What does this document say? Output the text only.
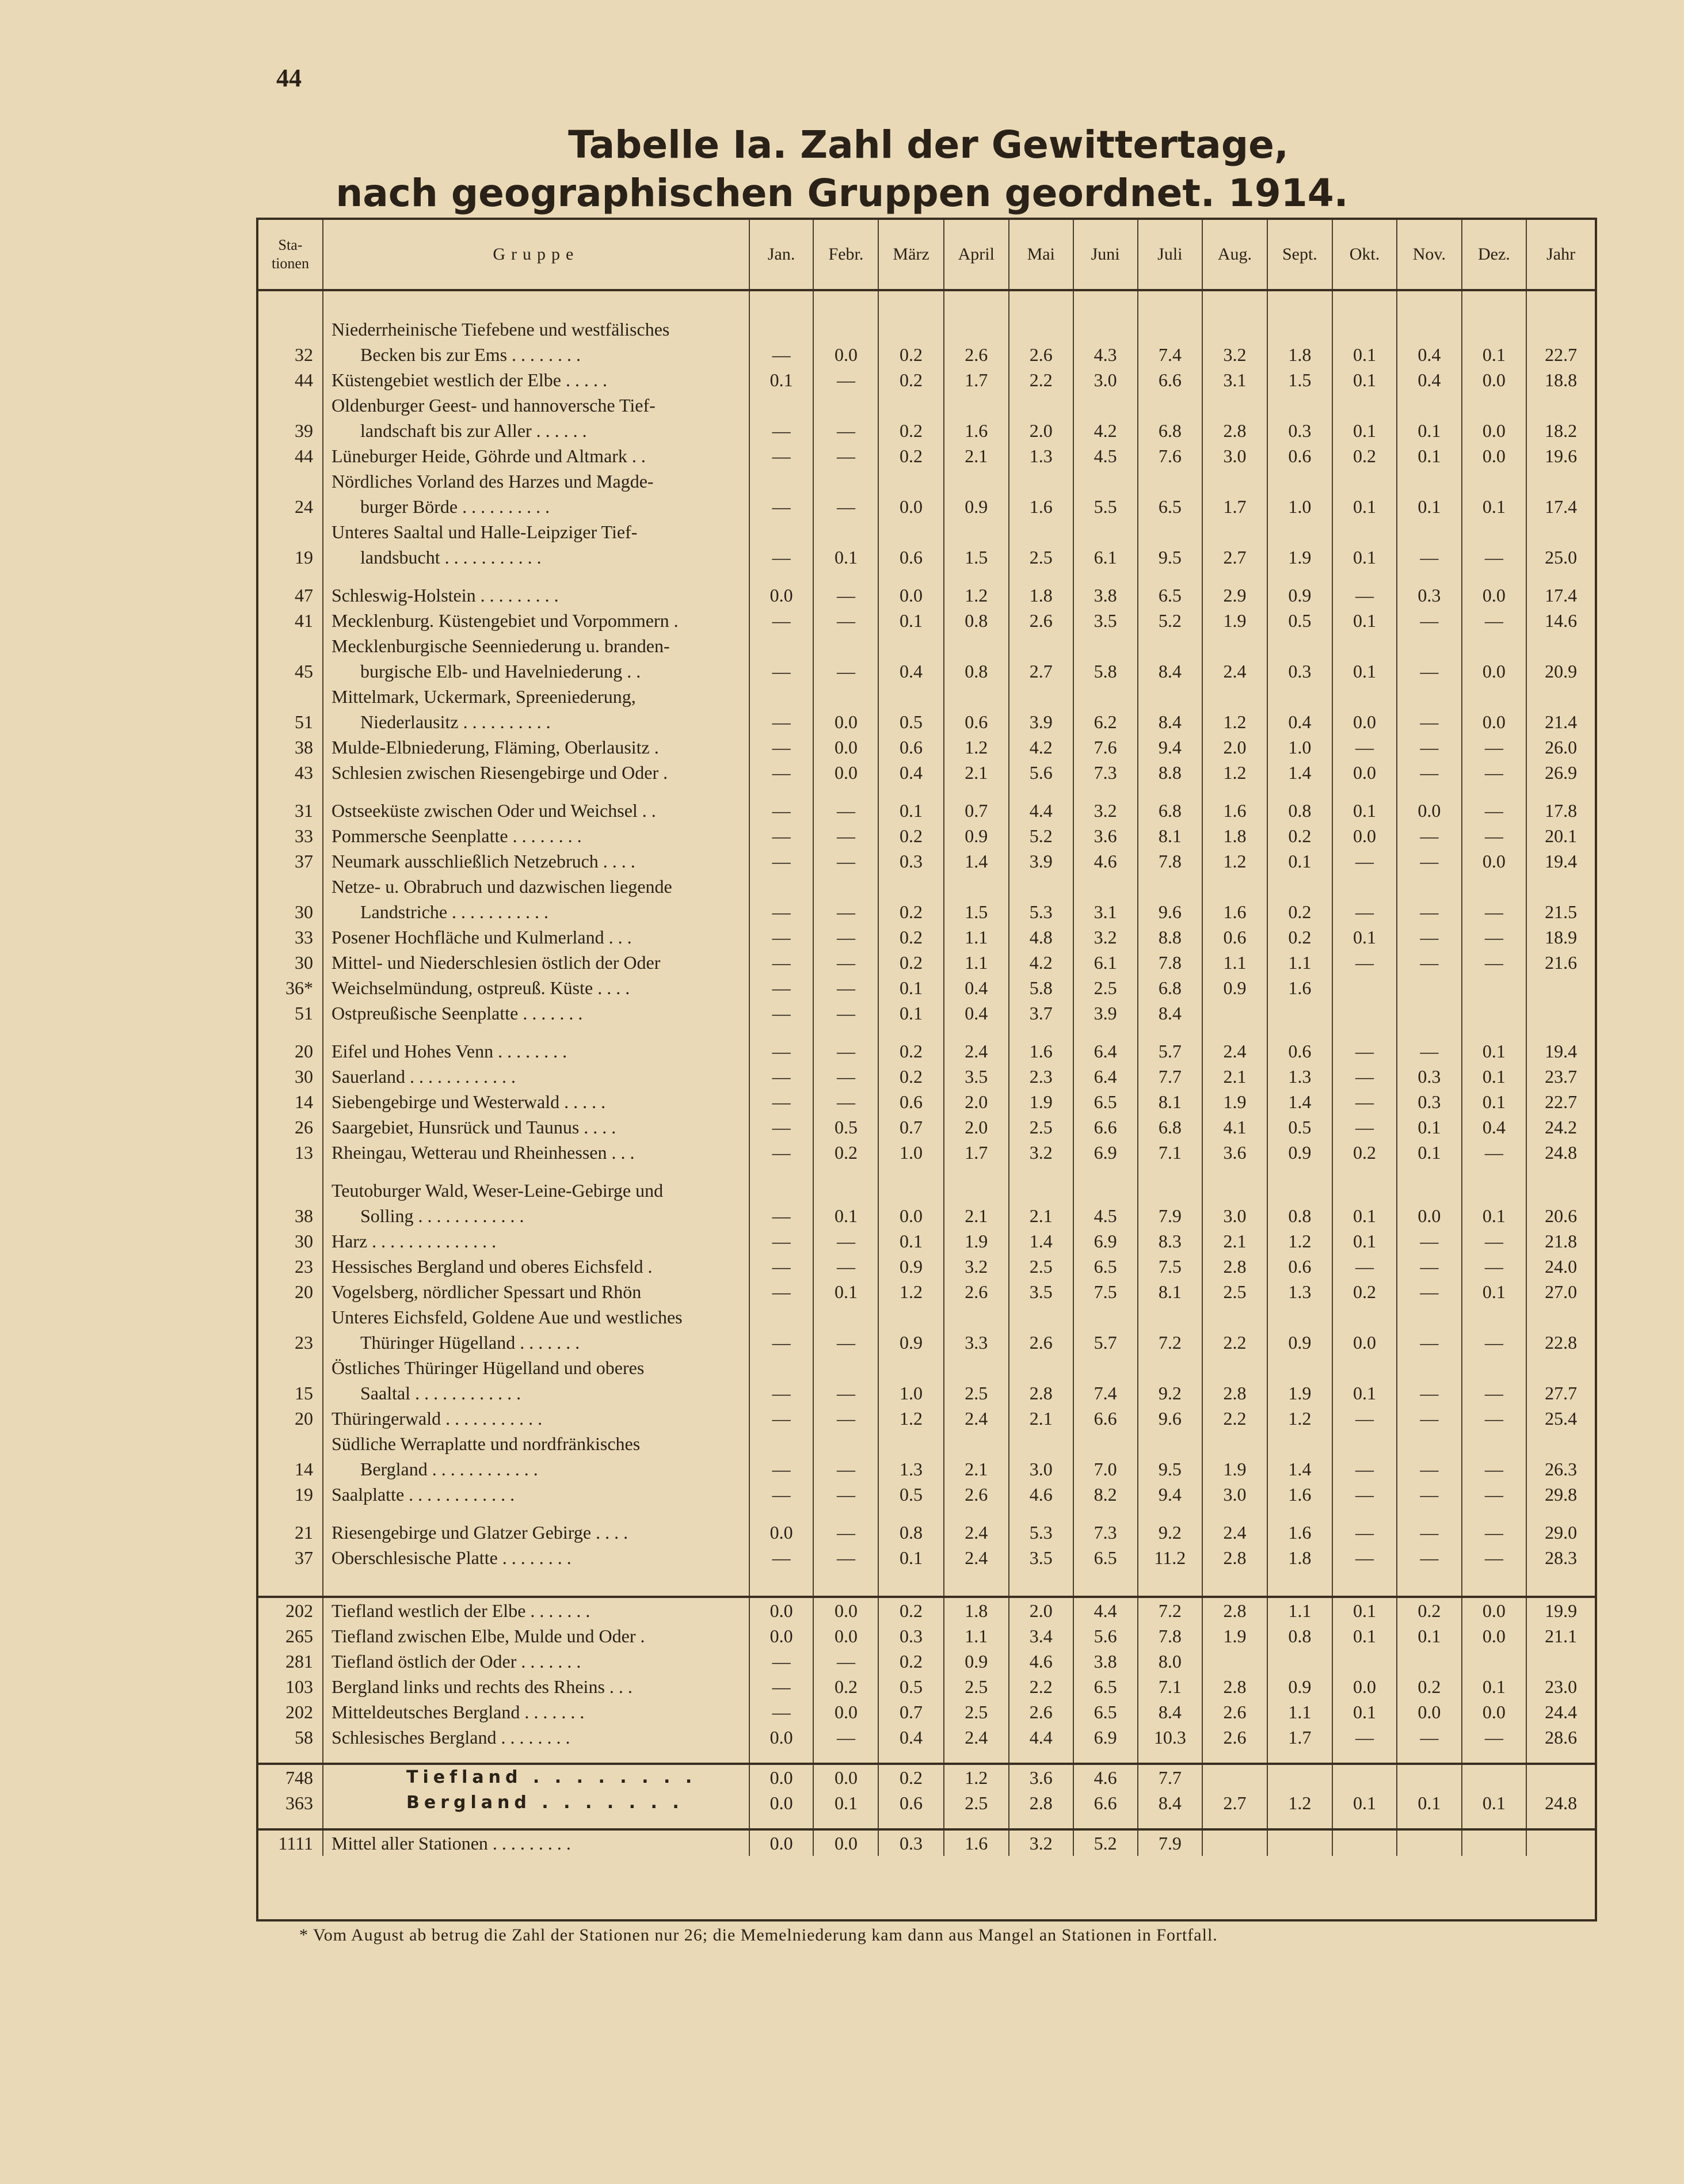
44
Tabelle Ia. Zahl der Gewittertage,
nach geographischen Gruppen geordnet. 1914.
Sta-
tionen	Gruppe	Jan.	Febr.	März	April	Mai	Juni	Juli	Aug.	Sept.	Okt.	Nov.	Dez.	Jahr
32	Niederrheinische Tiefebene und westfälisches
Becken bis zur Ems . . . . . . . .	—	0.0	0.2	2.6	2.6	4.3	7.4	3.2	1.8	0.1	0.4	0.1	22.7
44	Küstengebiet westlich der Elbe . . . . .	0.1	—	0.2	1.7	2.2	3.0	6.6	3.1	1.5	0.1	0.4	0.0	18.8
39	Oldenburger Geest- und hannoversche Tief-
landschaft bis zur Aller . . . . . .	—	—	0.2	1.6	2.0	4.2	6.8	2.8	0.3	0.1	0.1	0.0	18.2
44	Lüneburger Heide, Göhrde und Altmark . .	—	—	0.2	2.1	1.3	4.5	7.6	3.0	0.6	0.2	0.1	0.0	19.6
24	Nördliches Vorland des Harzes und Magde-
burger Börde . . . . . . . . . .	—	—	0.0	0.9	1.6	5.5	6.5	1.7	1.0	0.1	0.1	0.1	17.4
19	Unteres Saaltal und Halle-Leipziger Tief-
landsbucht . . . . . . . . . . .	—	0.1	0.6	1.5	2.5	6.1	9.5	2.7	1.9	0.1	—	—	25.0

47	Schleswig-Holstein . . . . . . . . .	0.0	—	0.0	1.2	1.8	3.8	6.5	2.9	0.9	—	0.3	0.0	17.4
41	Mecklenburg. Küstengebiet und Vorpommern .	—	—	0.1	0.8	2.6	3.5	5.2	1.9	0.5	0.1	—	—	14.6
45	Mecklenburgische Seenniederung u. branden-
burgische Elb- und Havelniederung . .	—	—	0.4	0.8	2.7	5.8	8.4	2.4	0.3	0.1	—	0.0	20.9
51	Mittelmark, Uckermark, Spreeniederung,
Niederlausitz . . . . . . . . . .	—	0.0	0.5	0.6	3.9	6.2	8.4	1.2	0.4	0.0	—	0.0	21.4
38	Mulde-Elbniederung, Fläming, Oberlausitz .	—	0.0	0.6	1.2	4.2	7.6	9.4	2.0	1.0	—	—	—	26.0
43	Schlesien zwischen Riesengebirge und Oder .	—	0.0	0.4	2.1	5.6	7.3	8.8	1.2	1.4	0.0	—	—	26.9

31	Ostseeküste zwischen Oder und Weichsel . .	—	—	0.1	0.7	4.4	3.2	6.8	1.6	0.8	0.1	0.0	—	17.8
33	Pommersche Seenplatte . . . . . . . .	—	—	0.2	0.9	5.2	3.6	8.1	1.8	0.2	0.0	—	—	20.1
37	Neumark ausschließlich Netzebruch . . . .	—	—	0.3	1.4	3.9	4.6	7.8	1.2	0.1	—	—	0.0	19.4
30	Netze- u. Obrabruch und dazwischen liegende
Landstriche . . . . . . . . . . .	—	—	0.2	1.5	5.3	3.1	9.6	1.6	0.2	—	—	—	21.5
33	Posener Hochfläche und Kulmerland . . .	—	—	0.2	1.1	4.8	3.2	8.8	0.6	0.2	0.1	—	—	18.9
30	Mittel- und Niederschlesien östlich der Oder	—	—	0.2	1.1	4.2	6.1	7.8	1.1	1.1	—	—	—	21.6
36*	Weichselmündung, ostpreuß. Küste . . . .	—	—	0.1	0.4	5.8	2.5	6.8	0.9	1.6				
51	Ostpreußische Seenplatte . . . . . . .	—	—	0.1	0.4	3.7	3.9	8.4						

20	Eifel und Hohes Venn . . . . . . . .	—	—	0.2	2.4	1.6	6.4	5.7	2.4	0.6	—	—	0.1	19.4
30	Sauerland . . . . . . . . . . . .	—	—	0.2	3.5	2.3	6.4	7.7	2.1	1.3	—	0.3	0.1	23.7
14	Siebengebirge und Westerwald . . . . .	—	—	0.6	2.0	1.9	6.5	8.1	1.9	1.4	—	0.3	0.1	22.7
26	Saargebiet, Hunsrück und Taunus . . . .	—	0.5	0.7	2.0	2.5	6.6	6.8	4.1	0.5	—	0.1	0.4	24.2
13	Rheingau, Wetterau und Rheinhessen . . .	—	0.2	1.0	1.7	3.2	6.9	7.1	3.6	0.9	0.2	0.1	—	24.8

38	Teutoburger Wald, Weser-Leine-Gebirge und
Solling . . . . . . . . . . . .	—	0.1	0.0	2.1	2.1	4.5	7.9	3.0	0.8	0.1	0.0	0.1	20.6
30	Harz . . . . . . . . . . . . . .	—	—	0.1	1.9	1.4	6.9	8.3	2.1	1.2	0.1	—	—	21.8
23	Hessisches Bergland und oberes Eichsfeld .	—	—	0.9	3.2	2.5	6.5	7.5	2.8	0.6	—	—	—	24.0
20	Vogelsberg, nördlicher Spessart und Rhön	—	0.1	1.2	2.6	3.5	7.5	8.1	2.5	1.3	0.2	—	0.1	27.0
23	Unteres Eichsfeld, Goldene Aue und westliches
Thüringer Hügelland . . . . . . .	—	—	0.9	3.3	2.6	5.7	7.2	2.2	0.9	0.0	—	—	22.8
15	Östliches Thüringer Hügelland und oberes
Saaltal . . . . . . . . . . . .	—	—	1.0	2.5	2.8	7.4	9.2	2.8	1.9	0.1	—	—	27.7
20	Thüringerwald . . . . . . . . . . .	—	—	1.2	2.4	2.1	6.6	9.6	2.2	1.2	—	—	—	25.4
14	Südliche Werraplatte und nordfränkisches
Bergland . . . . . . . . . . . .	—	—	1.3	2.1	3.0	7.0	9.5	1.9	1.4	—	—	—	26.3
19	Saalplatte . . . . . . . . . . . .	—	—	0.5	2.6	4.6	8.2	9.4	3.0	1.6	—	—	—	29.8

21	Riesengebirge und Glatzer Gebirge . . . .	0.0	—	0.8	2.4	5.3	7.3	9.2	2.4	1.6	—	—	—	29.0
37	Oberschlesische Platte . . . . . . . .	—	—	0.1	2.4	3.5	6.5	11.2	2.8	1.8	—	—	—	28.3

202	Tiefland westlich der Elbe . . . . . . .	0.0	0.0	0.2	1.8	2.0	4.4	7.2	2.8	1.1	0.1	0.2	0.0	19.9
265	Tiefland zwischen Elbe, Mulde und Oder .	0.0	0.0	0.3	1.1	3.4	5.6	7.8	1.9	0.8	0.1	0.1	0.0	21.1
281	Tiefland östlich der Oder . . . . . . .	—	—	0.2	0.9	4.6	3.8	8.0						
103	Bergland links und rechts des Rheins . . .	—	0.2	0.5	2.5	2.2	6.5	7.1	2.8	0.9	0.0	0.2	0.1	23.0
202	Mitteldeutsches Bergland . . . . . . .	—	0.0	0.7	2.5	2.6	6.5	8.4	2.6	1.1	0.1	0.0	0.0	24.4
58	Schlesisches Bergland . . . . . . . .	0.0	—	0.4	2.4	4.4	6.9	10.3	2.6	1.7	—	—	—	28.6

748	Tiefland . . . . . . . .	0.0	0.0	0.2	1.2	3.6	4.6	7.7						
363	Bergland . . . . . . .	0.0	0.1	0.6	2.5	2.8	6.6	8.4	2.7	1.2	0.1	0.1	0.1	24.8

1111	Mittel aller Stationen . . . . . . . . .	0.0	0.0	0.3	1.6	3.2	5.2	7.9						
* Vom August ab betrug die Zahl der Stationen nur 26; die Memelniederung kam dann aus Mangel an Stationen in Fortfall.
